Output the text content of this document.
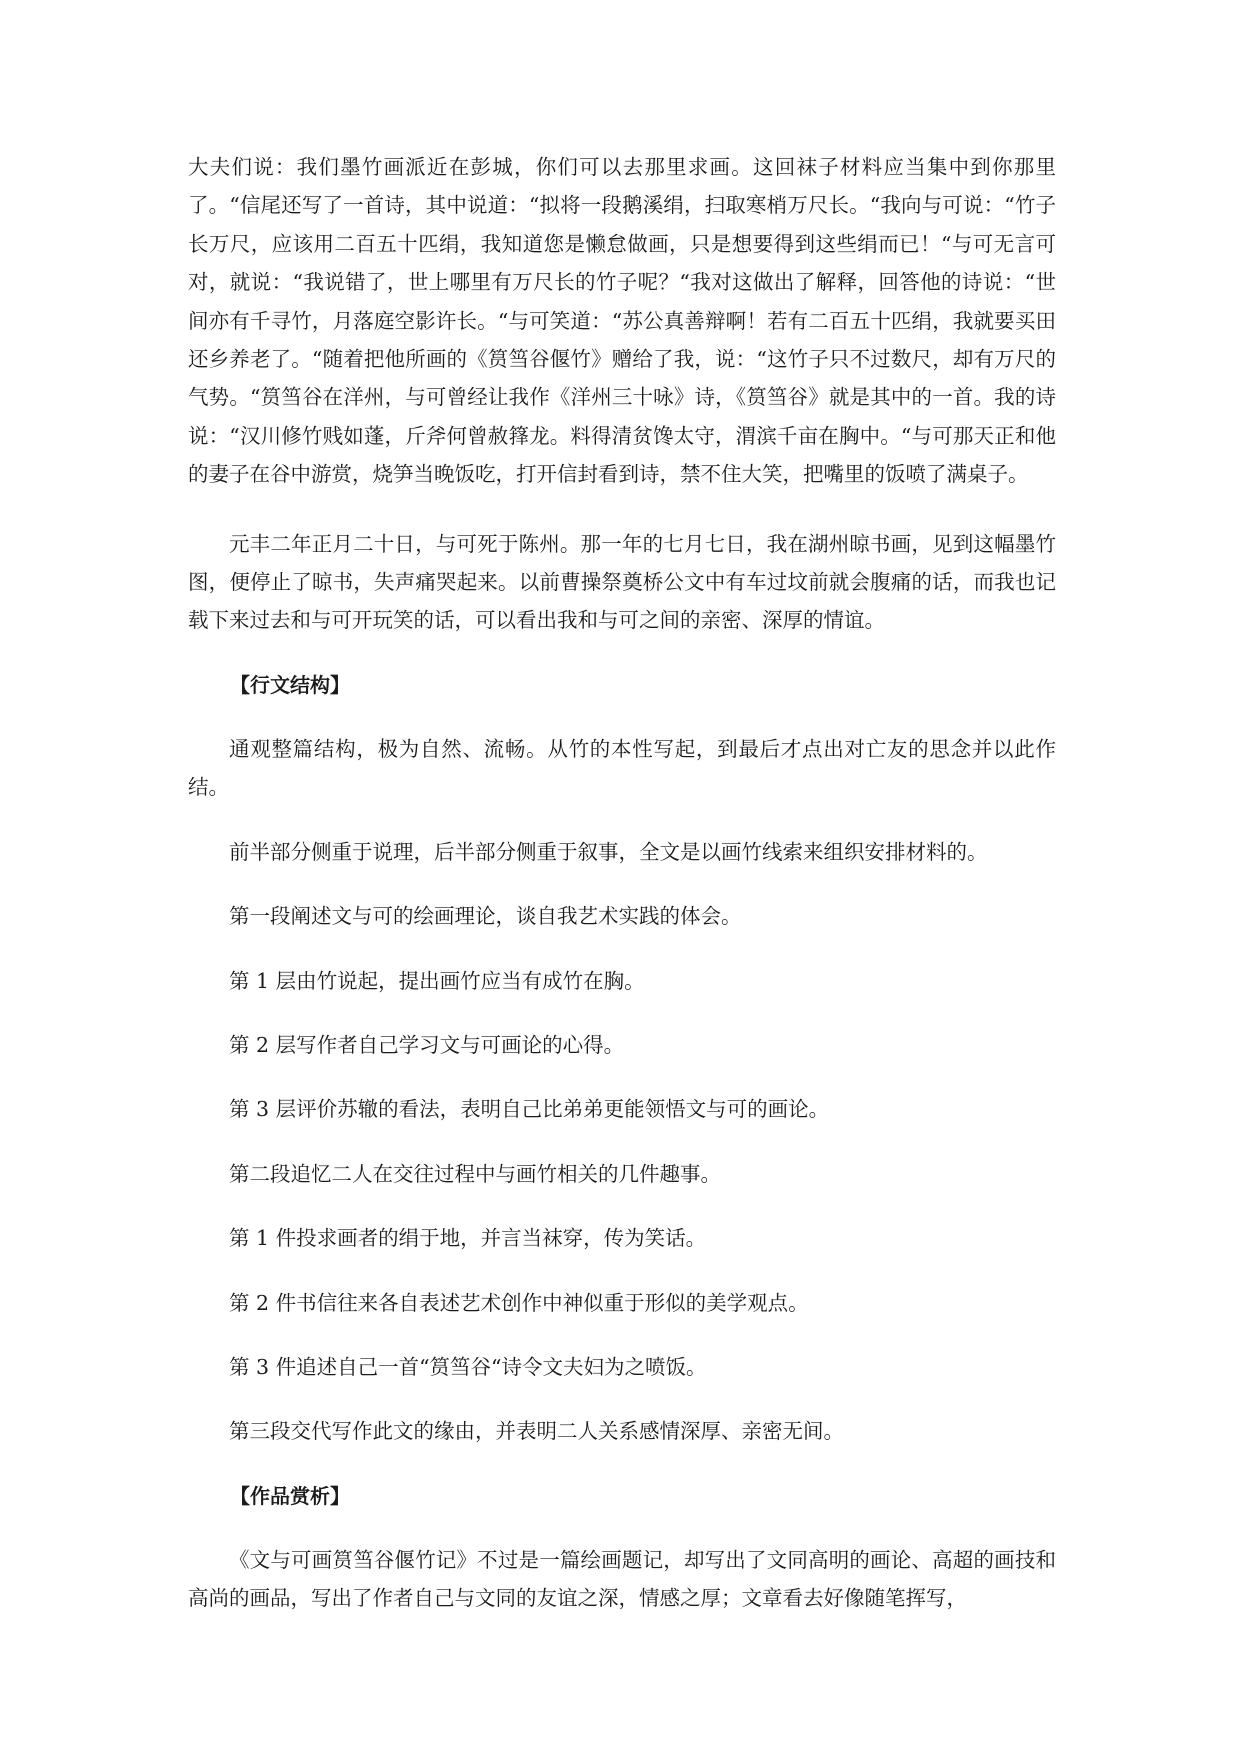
大夫们说：我们墨竹画派近在彭城，你们可以去那里求画。这回袜子材料应当集中到你那里了。“信尾还写了一首诗，其中说道：“拟将一段鹅溪绢，扫取寒梢万尺长。“我向与可说：“竹子长万尺，应该用二百五十匹绢，我知道您是懒怠做画，只是想要得到这些绢而已！“与可无言可对，就说：“我说错了，世上哪里有万尺长的竹子呢？“我对这做出了解释，回答他的诗说：“世间亦有千寻竹，月落庭空影许长。“与可笑道：“苏公真善辩啊！若有二百五十匹绢，我就要买田还乡养老了。“随着把他所画的《筼筜谷偃竹》赠给了我，说：“这竹子只不过数尺，却有万尺的气势。“筼筜谷在洋州，与可曾经让我作《洋州三十咏》诗，《筼筜谷》就是其中的一首。我的诗说：“汉川修竹贱如蓬，斤斧何曾赦箨龙。料得清贫馋太守，渭滨千亩在胸中。“与可那天正和他的妻子在谷中游赏，烧笋当晚饭吃，打开信封看到诗，禁不住大笑，把嘴里的饭喷了满桌子。

元丰二年正月二十日，与可死于陈州。那一年的七月七日，我在湖州晾书画，见到这幅墨竹图，便停止了晾书，失声痛哭起来。以前曹操祭奠桥公文中有车过坟前就会腹痛的话，而我也记载下来过去和与可开玩笑的话，可以看出我和与可之间的亲密、深厚的情谊。

【行文结构】

通观整篇结构，极为自然、流畅。从竹的本性写起，到最后才点出对亡友的思念并以此作结。

前半部分侧重于说理，后半部分侧重于叙事，全文是以画竹线索来组织安排材料的。

第一段阐述文与可的绘画理论，谈自我艺术实践的体会。

第 1 层由竹说起，提出画竹应当有成竹在胸。

第 2 层写作者自己学习文与可画论的心得。

第 3 层评价苏辙的看法，表明自己比弟弟更能领悟文与可的画论。

第二段追忆二人在交往过程中与画竹相关的几件趣事。

第 1 件投求画者的绢于地，并言当袜穿，传为笑话。

第 2 件书信往来各自表述艺术创作中神似重于形似的美学观点。

第 3 件追述自己一首“筼筜谷“诗令文夫妇为之喷饭。

第三段交代写作此文的缘由，并表明二人关系感情深厚、亲密无间。

【作品赏析】

《文与可画筼筜谷偃竹记》不过是一篇绘画题记，却写出了文同高明的画论、高超的画技和高尚的画品，写出了作者自己与文同的友谊之深，情感之厚；文章看去好像随笔挥写，
